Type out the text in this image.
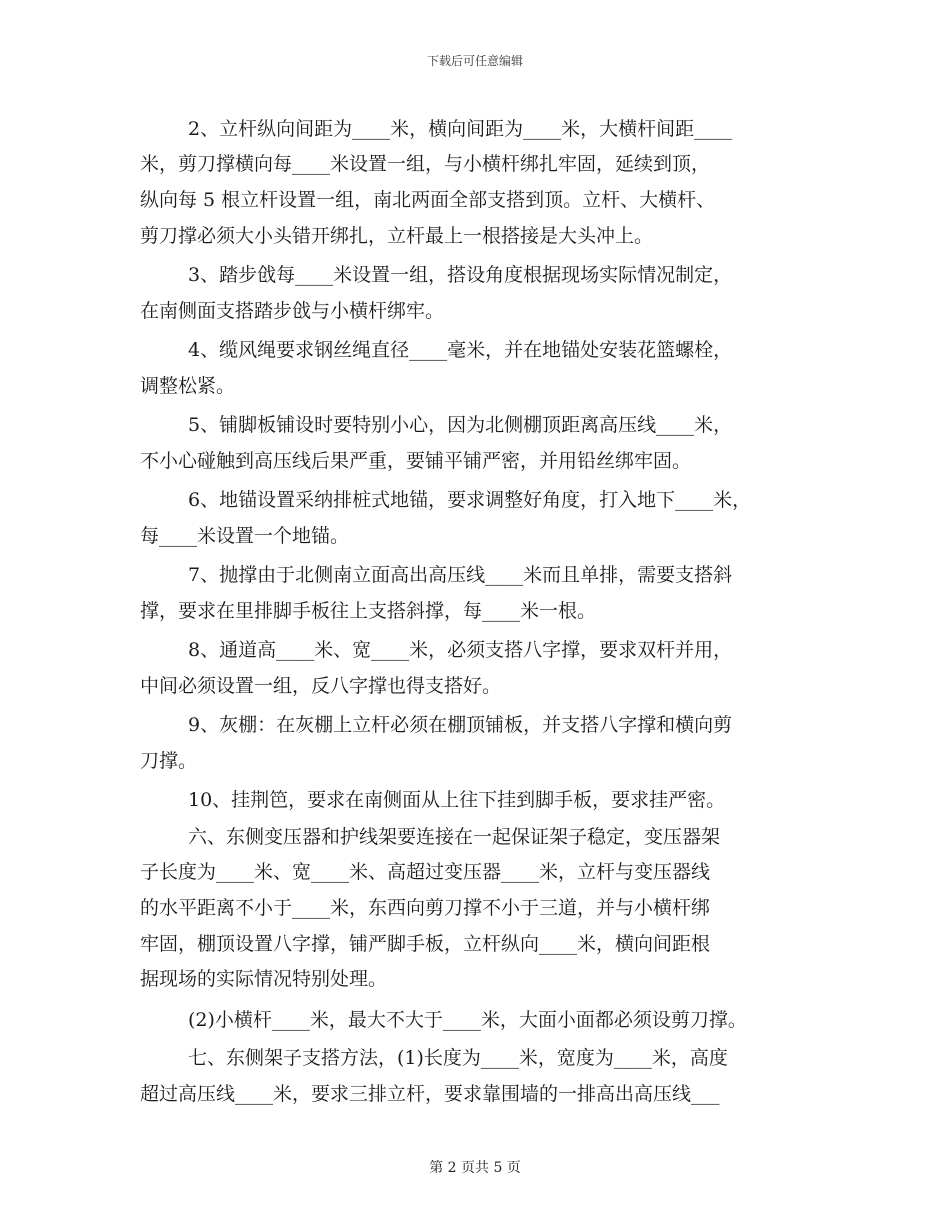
下载后可任意编辑
2、立杆纵向间距为____米，横向间距为____米，大横杆间距____
米，剪刀撑横向每____米设置一组，与小横杆绑扎牢固，延续到顶，
纵向每 5 根立杆设置一组，南北两面全部支搭到顶。立杆、大横杆、
剪刀撑必须大小头错开绑扎，立杆最上一根搭接是大头冲上。
3、踏步戗每____米设置一组，搭设角度根据现场实际情况制定，
在南侧面支搭踏步戗与小横杆绑牢。
4、缆风绳要求钢丝绳直径____毫米，并在地锚处安装花篮螺栓，
调整松紧。
5、铺脚板铺设时要特别小心，因为北侧棚顶距离高压线____米，
不小心碰触到高压线后果严重，要铺平铺严密，并用铅丝绑牢固。
6、地锚设置采纳排桩式地锚，要求调整好角度，打入地下____米，
每____米设置一个地锚。
7、抛撑由于北侧南立面高出高压线____米而且单排，需要支搭斜
撑，要求在里排脚手板往上支搭斜撑，每____米一根。
8、通道高____米、宽____米，必须支搭八字撑，要求双杆并用，
中间必须设置一组，反八字撑也得支搭好。
9、灰棚：在灰棚上立杆必须在棚顶铺板，并支搭八字撑和横向剪
刀撑。
10、挂荆笆，要求在南侧面从上往下挂到脚手板，要求挂严密。
六、东侧变压器和护线架要连接在一起保证架子稳定，变压器架
子长度为____米、宽____米、高超过变压器____米，立杆与变压器线
的水平距离不小于____米，东西向剪刀撑不小于三道，并与小横杆绑
牢固，棚顶设置八字撑，铺严脚手板，立杆纵向____米，横向间距根
据现场的实际情况特别处理。
(2)小横杆____米，最大不大于____米，大面小面都必须设剪刀撑。
七、东侧架子支搭方法，(1)长度为____米，宽度为____米，高度
超过高压线____米，要求三排立杆，要求靠围墙的一排高出高压线___
第 2 页共 5 页
